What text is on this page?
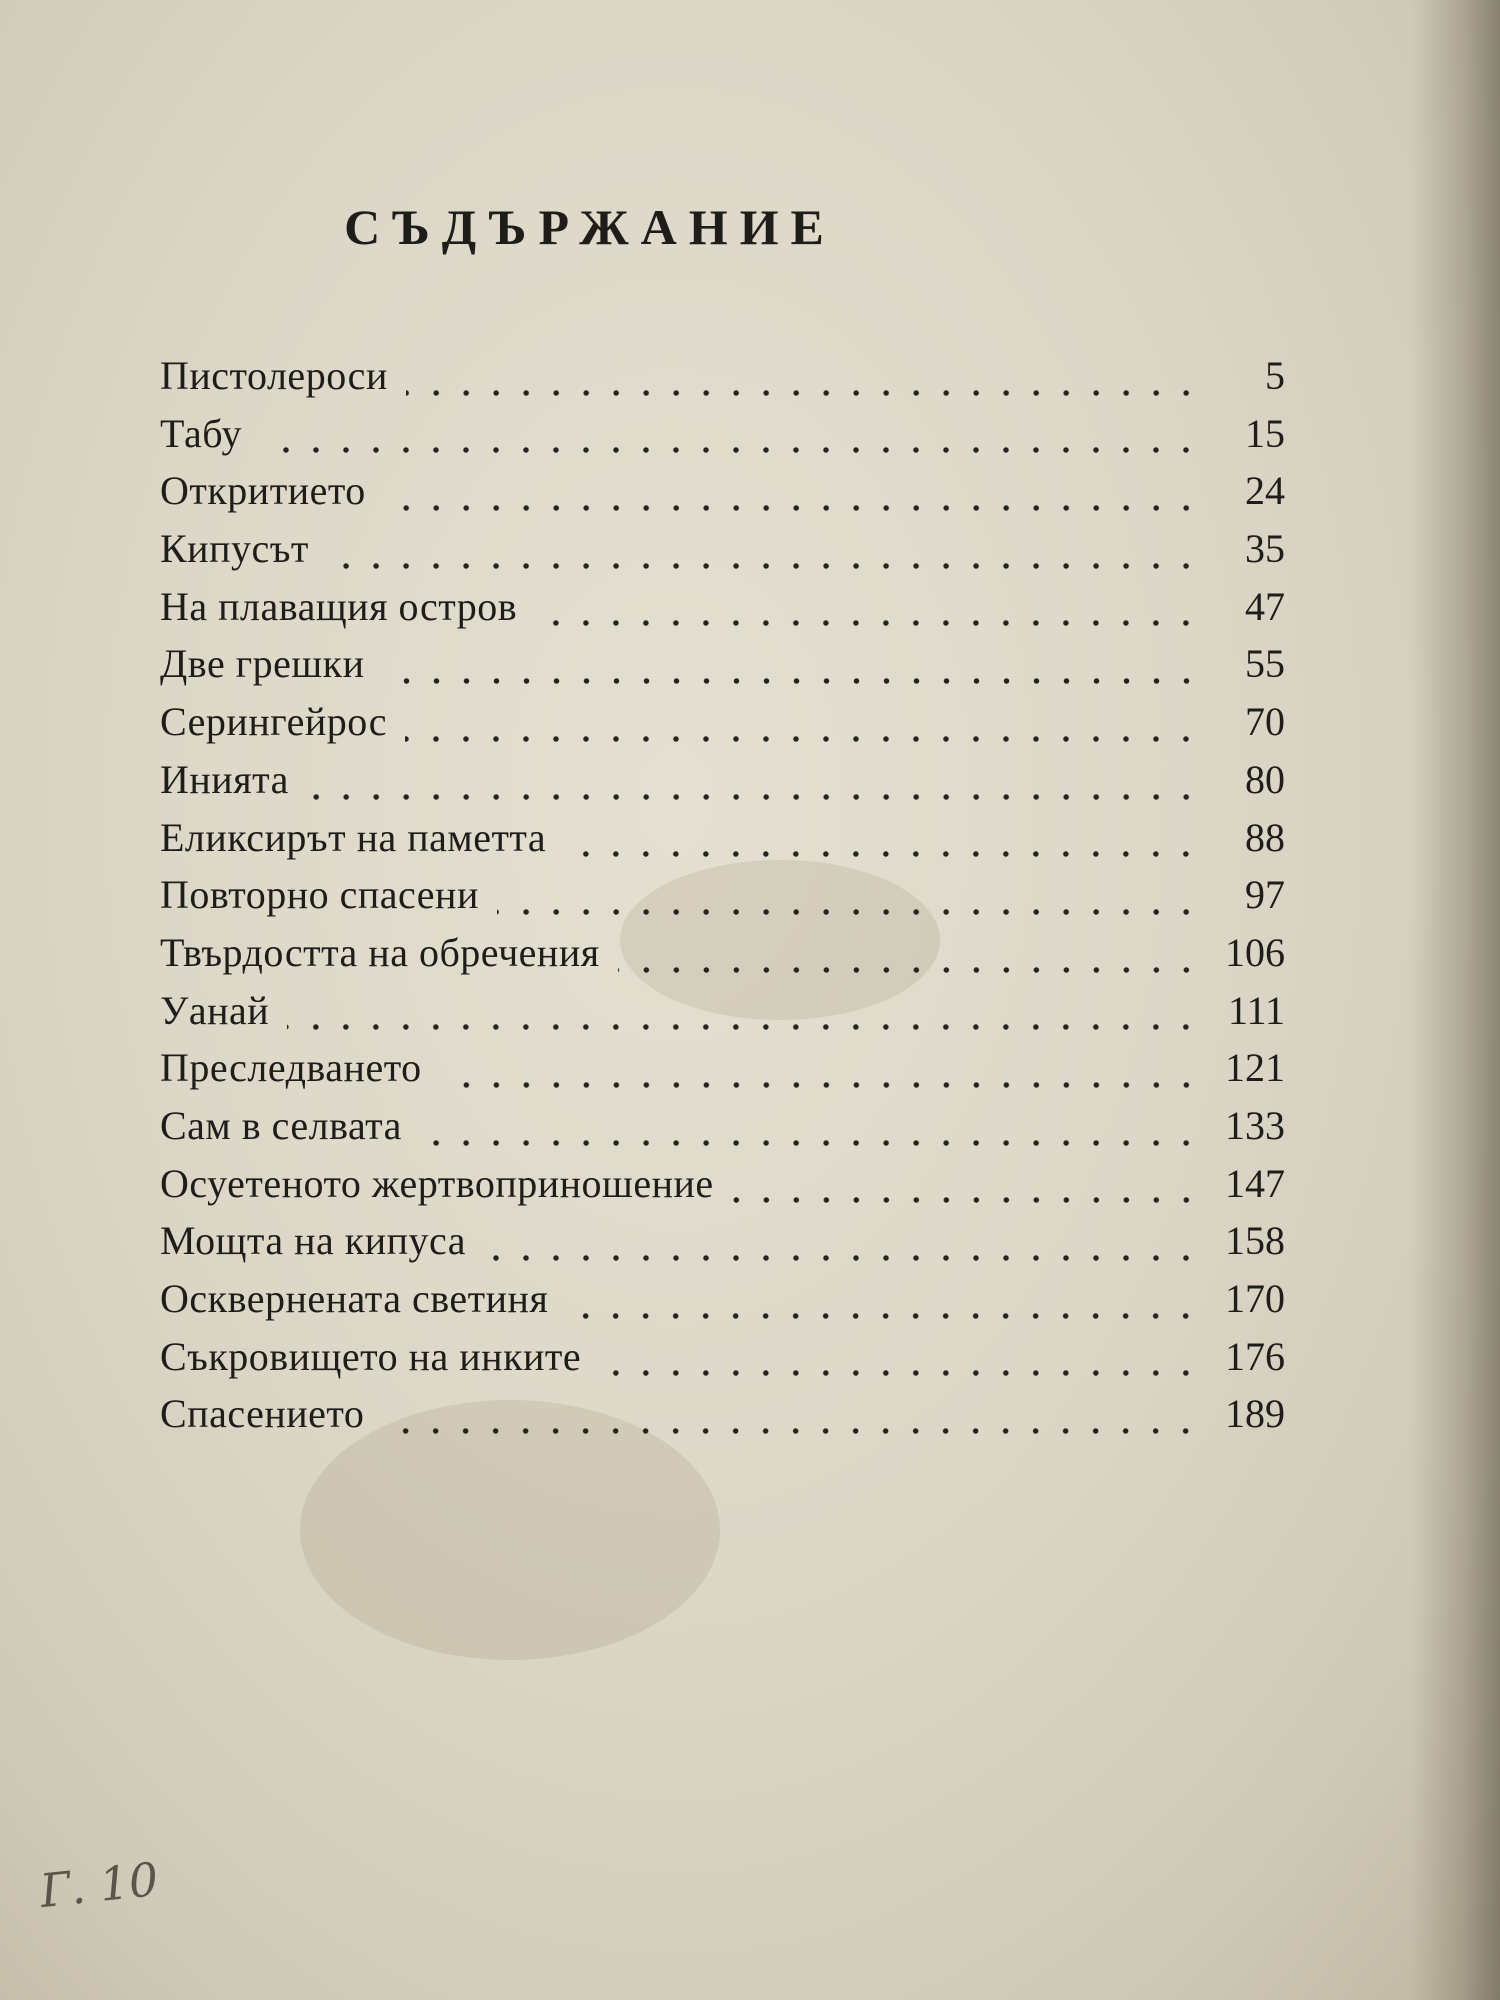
СЪДЪРЖАНИЕ
Пистолероси	5
Табу	15
Откритието	24
Кипусът	35
На плаващия остров	47
Две грешки	55
Серингейрос	70
Инията	80
Еликсирът на паметта	88
Повторно спасени	97
Твърдостта на обречения	106
Уанай	111
Преследването	121
Сам в селвата	133
Осуетеното жертвоприношение	147
Мощта на кипуса	158
Осквернената светиня	170
Съкровището на инките	176
Спасението	189
Г. 10
